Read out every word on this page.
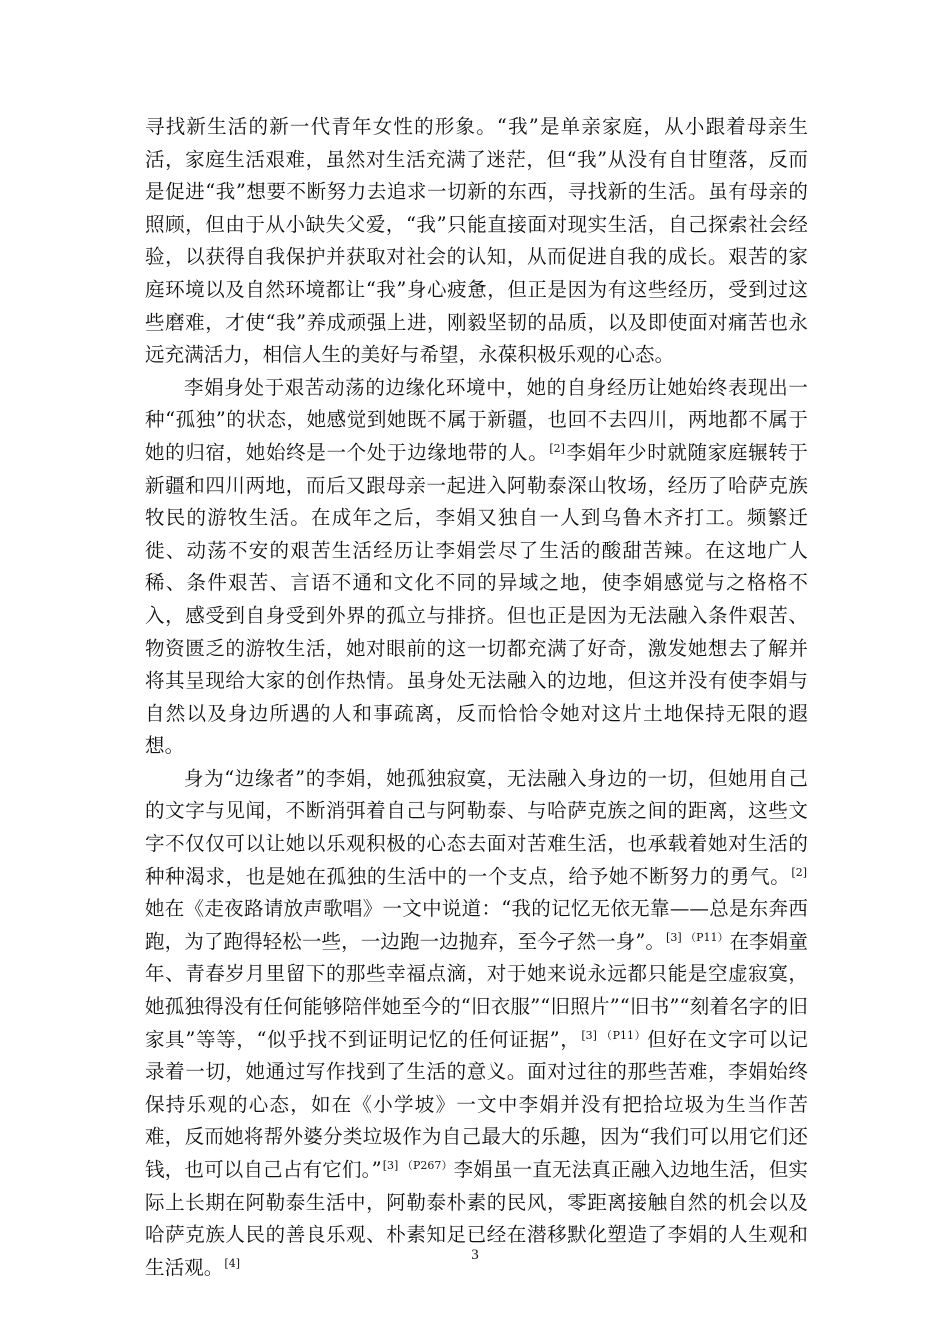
寻找新生活的新一代青年女性的形象。“我”是单亲家庭，从小跟着母亲生活，家庭生活艰难，虽然对生活充满了迷茫，但“我”从没有自甘堕落，反而是促进“我”想要不断努力去追求一切新的东西，寻找新的生活。虽有母亲的照顾，但由于从小缺失父爱，“我”只能直接面对现实生活，自己探索社会经验，以获得自我保护并获取对社会的认知，从而促进自我的成长。艰苦的家庭环境以及自然环境都让“我”身心疲惫，但正是因为有这些经历，受到过这些磨难，才使“我”养成顽强上进，刚毅坚韧的品质，以及即使面对痛苦也永远充满活力，相信人生的美好与希望，永葆积极乐观的心态。

李娟身处于艰苦动荡的边缘化环境中，她的自身经历让她始终表现出一种“孤独”的状态，她感觉到她既不属于新疆，也回不去四川，两地都不属于她的归宿，她始终是一个处于边缘地带的人。[2]李娟年少时就随家庭辗转于新疆和四川两地，而后又跟母亲一起进入阿勒泰深山牧场，经历了哈萨克族牧民的游牧生活。在成年之后，李娟又独自一人到乌鲁木齐打工。频繁迁徙、动荡不安的艰苦生活经历让李娟尝尽了生活的酸甜苦辣。在这地广人稀、条件艰苦、言语不通和文化不同的异域之地，使李娟感觉与之格格不入，感受到自身受到外界的孤立与排挤。但也正是因为无法融入条件艰苦、物资匮乏的游牧生活，她对眼前的这一切都充满了好奇，激发她想去了解并将其呈现给大家的创作热情。虽身处无法融入的边地，但这并没有使李娟与自然以及身边所遇的人和事疏离，反而恰恰令她对这片土地保持无限的遐想。

身为“边缘者”的李娟，她孤独寂寞，无法融入身边的一切，但她用自己的文字与见闻，不断消弭着自己与阿勒泰、与哈萨克族之间的距离，这些文字不仅仅可以让她以乐观积极的心态去面对苦难生活，也承载着她对生活的种种渴求，也是她在孤独的生活中的一个支点，给予她不断努力的勇气。[2]她在《走夜路请放声歌唱》一文中说道：“我的记忆无依无靠——总是东奔西跑，为了跑得轻松一些，一边跑一边抛弃，至今孑然一身”。$^{[3] (P11)}$在李娟童年、青春岁月里留下的那些幸福点滴，对于她来说永远都只能是空虚寂寞，她孤独得没有任何能够陪伴她至今的“旧衣服”“旧照片”“旧书”“刻着名字的旧家具”等等，“似乎找不到证明记忆的任何证据”，$^{[3] (P11)}$但好在文字可以记录着一切，她通过写作找到了生活的意义。面对过往的那些苦难，李娟始终保持乐观的心态，如在《小学坡》一文中李娟并没有把拾垃圾为生当作苦难，反而她将帮外婆分类垃圾作为自己最大的乐趣，因为“我们可以用它们还钱，也可以自己占有它们。”$^{[3] (P267)}$李娟虽一直无法真正融入边地生活，但实际上长期在阿勒泰生活中，阿勒泰朴素的民风，零距离接触自然的机会以及哈萨克族人民的善良乐观、朴素知足已经在潜移默化塑造了李娟的人生观和生活观。[4]

3
